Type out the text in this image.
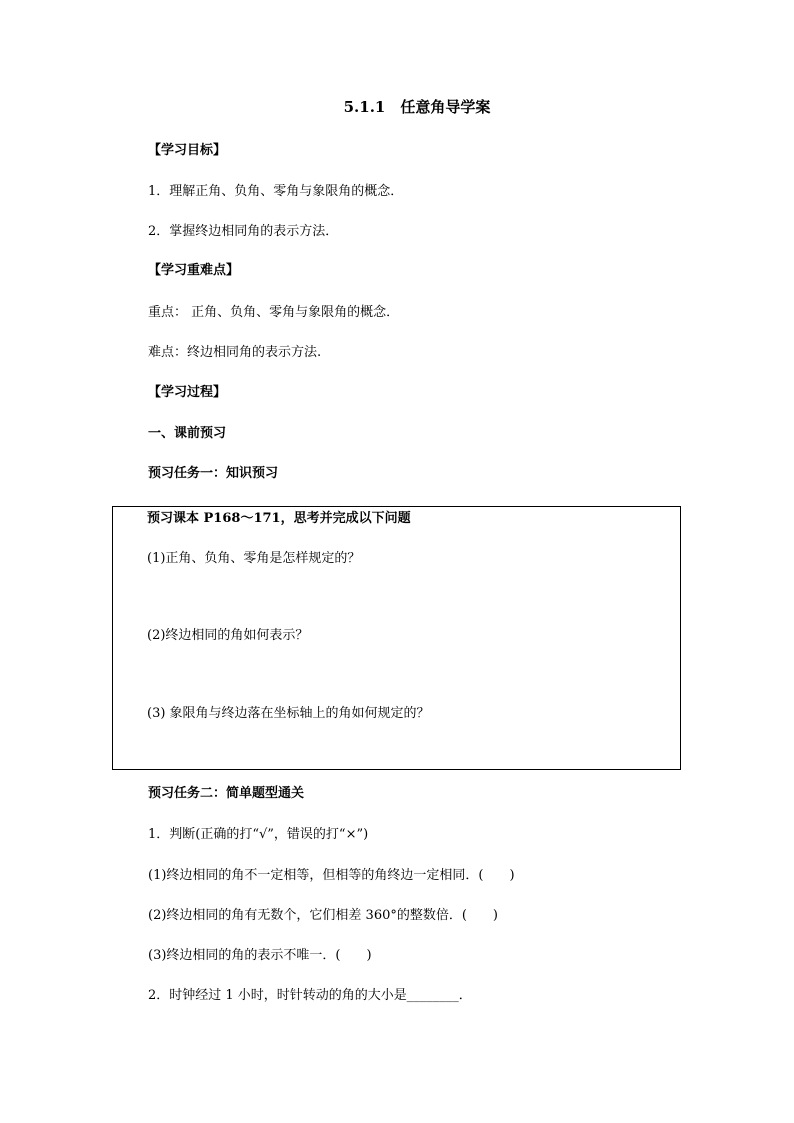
5.1.1　任意角导学案
【学习目标】
1．理解正角、负角、零角与象限角的概念．
2．掌握终边相同角的表示方法．
【学习重难点】
重点： 正角、负角、零角与象限角的概念．
难点：终边相同角的表示方法.
【学习过程】
一、课前预习
预习任务一：知识预习
预习课本 P168～171，思考并完成以下问题
(1)正角、负角、零角是怎样规定的？
(2)终边相同的角如何表示？
(3) 象限角与终边落在坐标轴上的角如何规定的？
预习任务二：简单题型通关
1．判断(正确的打“√”，错误的打“×”)
(1)终边相同的角不一定相等，但相等的角终边一定相同．(　　)
(2)终边相同的角有无数个，它们相差 360°的整数倍．(　　)
(3)终边相同的角的表示不唯一．(　　)
2．时钟经过 1 小时，时针转动的角的大小是________．
